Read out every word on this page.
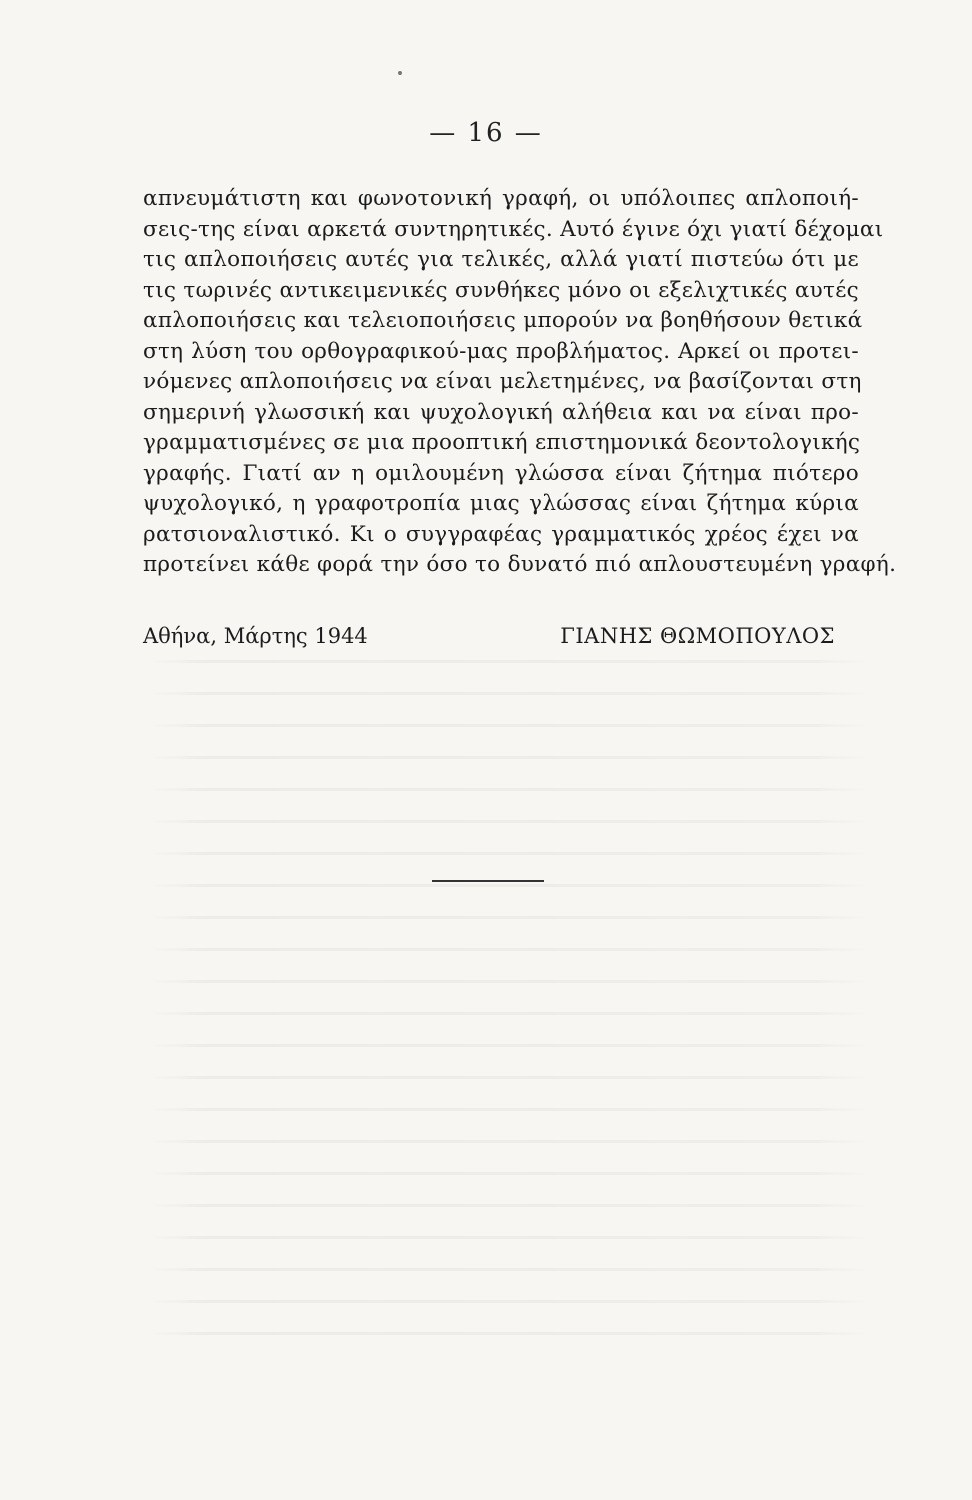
— 16 —
απνευμάτιστη και φωνοτονική γραφή, οι υπόλοιπες απλοποιή-
σεις-της είναι αρκετά συντηρητικές. Αυτό έγινε όχι γιατί δέχομαι
τις απλοποιήσεις αυτές για τελικές, αλλά γιατί πιστεύω ότι με
τις τωρινές αντικειμενικές συνθήκες μόνο οι εξελιχτικές αυτές
απλοποιήσεις και τελειοποιήσεις μπορούν να βοηθήσουν θετικά
στη λύση του ορθογραφικού-μας προβλήματος. Αρκεί οι προτει-
νόμενες απλοποιήσεις να είναι μελετημένες, να βασίζονται στη
σημερινή γλωσσική και ψυχολογική αλήθεια και να είναι προ-
γραμματισμένες σε μια προοπτική επιστημονικά δεοντολογικής
γραφής. Γιατί αν η ομιλουμένη γλώσσα είναι ζήτημα πιότερο
ψυχολογικό, η γραφοτροπία μιας γλώσσας είναι ζήτημα κύρια
ρατσιοναλιστικό. Κι ο συγγραφέας γραμματικός χρέος έχει να
προτείνει κάθε φορά την όσο το δυνατό πιό απλουστευμένη γραφή.
Αθήνα, Μάρτης 1944	ΓΙΑΝΗΣ ΘΩΜΟΠΟΥΛΟΣ
